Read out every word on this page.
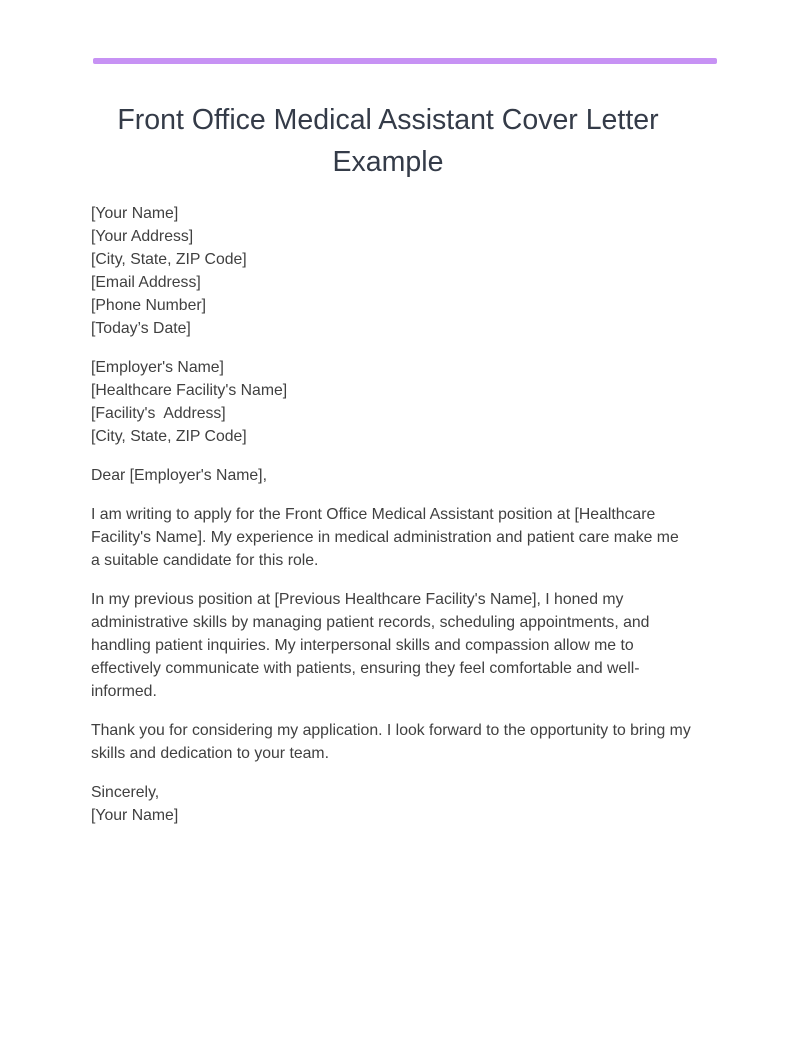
Front Office Medical Assistant Cover Letter Example
[Your Name]
[Your Address]
[City, State, ZIP Code]
[Email Address]
[Phone Number]
[Today’s Date]
[Employer's Name]
[Healthcare Facility's Name]
[Facility's  Address]
[City, State, ZIP Code]
Dear [Employer's Name],

I am writing to apply for the Front Office Medical Assistant position at [Healthcare Facility's Name]. My experience in medical administration and patient care make me a suitable candidate for this role.

In my previous position at [Previous Healthcare Facility's Name], I honed my administrative skills by managing patient records, scheduling appointments, and handling patient inquiries. My interpersonal skills and compassion allow me to effectively communicate with patients, ensuring they feel comfortable and well-informed.

Thank you for considering my application. I look forward to the opportunity to bring my skills and dedication to your team.

Sincerely,
[Your Name]
